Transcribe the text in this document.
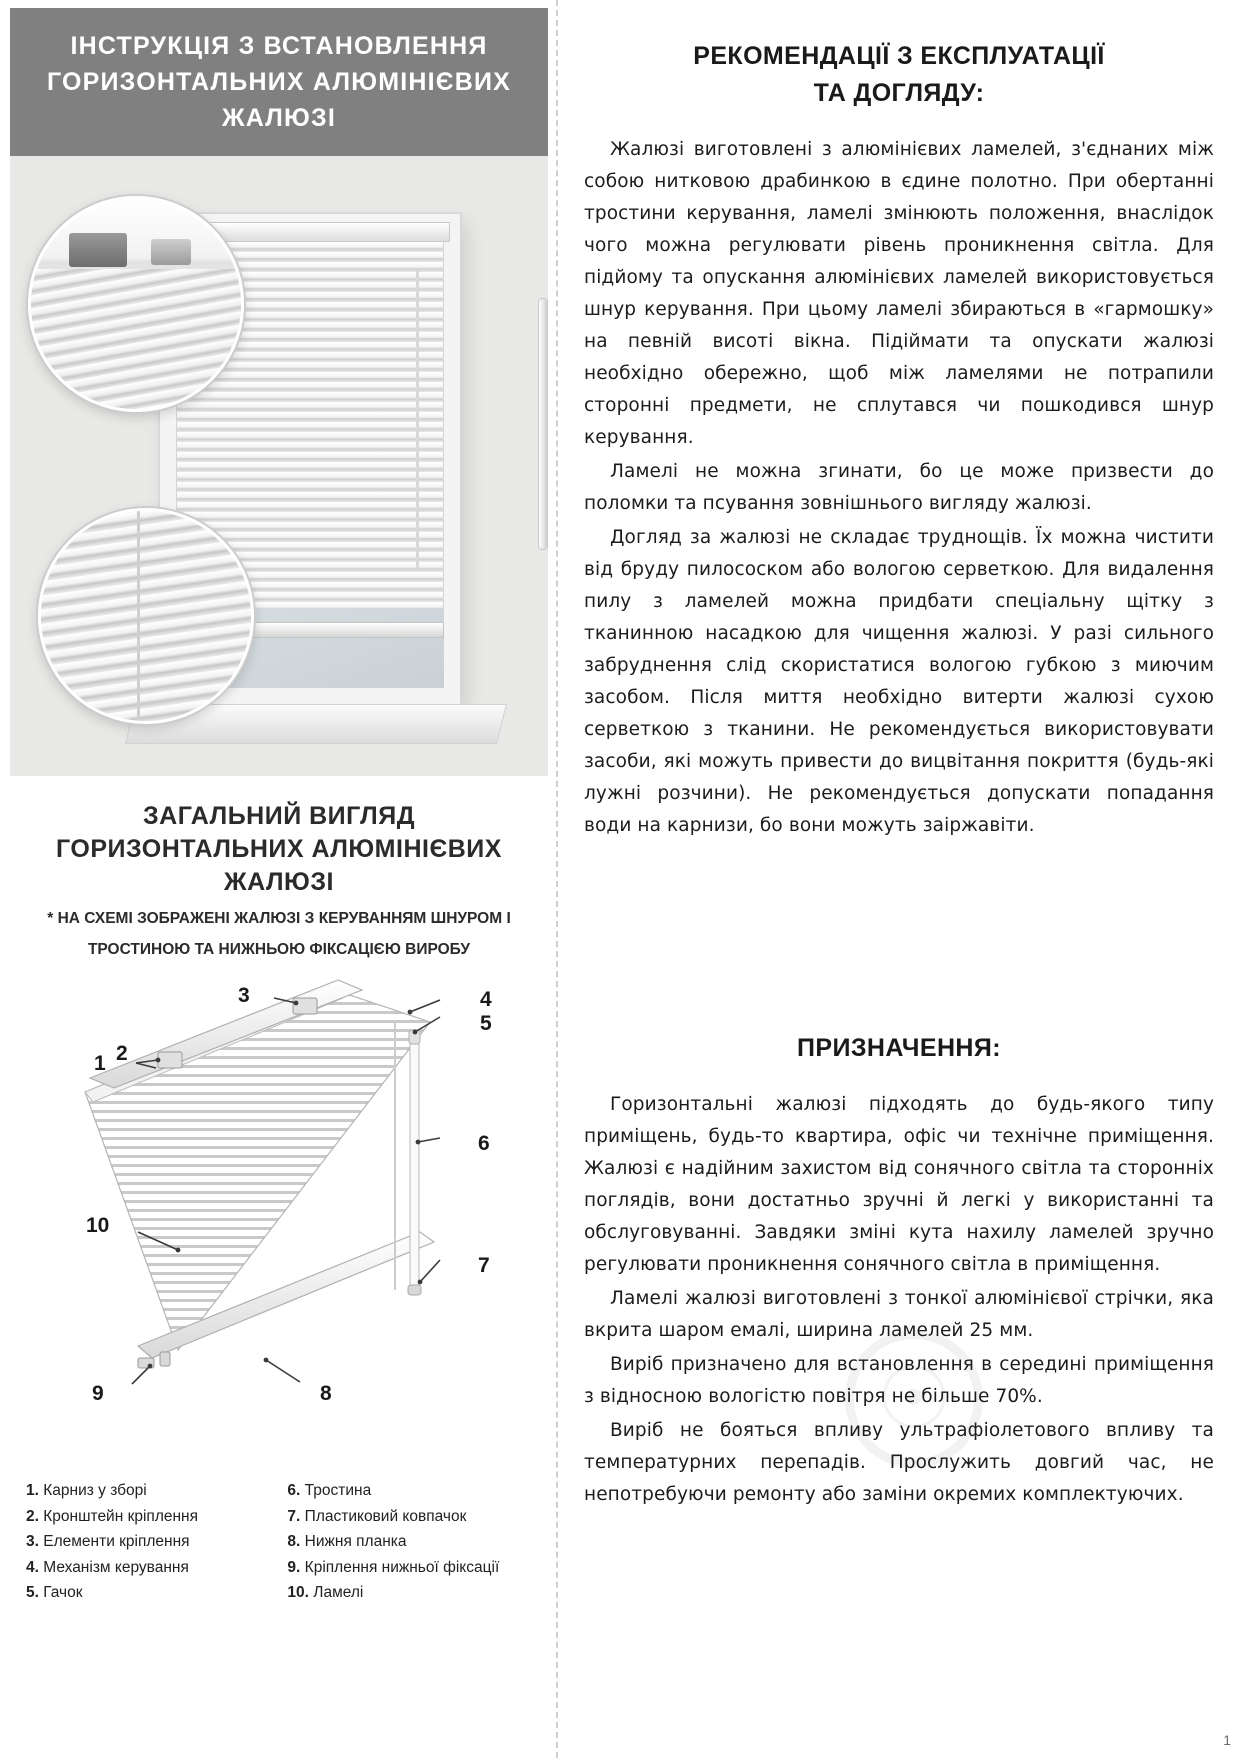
☉
ІНСТРУКЦІЯ З ВСТАНОВЛЕННЯ
ГОРИЗОНТАЛЬНИХ АЛЮМІНІЄВИХ
ЖАЛЮЗІ
ЗАГАЛЬНИЙ ВИГЛЯД
ГОРИЗОНТАЛЬНИХ АЛЮМІНІЄВИХ
ЖАЛЮЗІ
* НА СХЕМІ ЗОБРАЖЕНІ ЖАЛЮЗІ З КЕРУВАННЯМ ШНУРОМ І
ТРОСТИНОЮ ТА НИЖНЬОЮ ФІКСАЦІЄЮ ВИРОБУ
1 2
3	4
5
6
7
8
9
10
1. Карниз у зборі
2. Кронштейн кріплення
3. Елементи кріплення
4. Механізм керування
5. Гачок
6. Тростина
7. Пластиковий ковпачок
8. Нижня планка
9. Кріплення нижньої фіксації
10. Ламелі
РЕКОМЕНДАЦІЇ З ЕКСПЛУАТАЦІЇ
ТА ДОГЛЯДУ:

Жалюзі виготовлені з алюмінієвих ламелей, з'єднаних між собою нитковою драбинкою в єдине полотно. При обертанні тростини керування, ламелі змінюють положення, внаслідок чого можна регулювати рівень проникнення світла. Для підйому та опускання алюмінієвих ламелей використовується шнур керування. При цьому ламелі збираються в «гармошку» на певній висоті вікна. Підіймати та опускати жалюзі необхідно обережно, щоб між ламелями не потрапили сторонні предмети, не сплутався чи пошкодився шнур керування.

Ламелі не можна згинати, бо це може призвести до поломки та псування зовнішнього вигляду жалюзі.

Догляд за жалюзі не складає труднощів. Їх можна чистити від бруду пилососком або вологою серветкою. Для видалення пилу з ламелей можна придбати спеціальну щітку з тканинною насадкою для чищення жалюзі. У разі сильного забруднення слід скористатися вологою губкою з миючим засобом. Після миття необхідно витерти жалюзі сухою серветкою з тканини. Не рекомендується використовувати засоби, які можуть привести до вицвітання покриття (будь-які лужні розчини). Не рекомендується допускати попадання води на карнизи, бо вони можуть заіржавіти.

ПРИЗНАЧЕННЯ:

Горизонтальні жалюзі підходять до будь-якого типу приміщень, будь-то квартира, офіс чи технічне приміщення. Жалюзі є надійним захистом від сонячного світла та сторонніх поглядів, вони достатньо зручні й легкі у використанні та обслуговуванні. Завдяки зміні кута нахилу ламелей зручно регулювати проникнення сонячного світла в приміщення.

Ламелі жалюзі виготовлені з тонкої алюмінієвої стрічки, яка вкрита шаром емалі, ширина ламелей 25 мм.

Виріб призначено для встановлення в середині приміщення з відносною вологістю повітря не більше 70%.

Виріб не бояться впливу ультрафіолетового впливу та температурних перепадів. Прослужить довгий час, не непотребуючи ремонту або заміни окремих комплектуючих.

1
